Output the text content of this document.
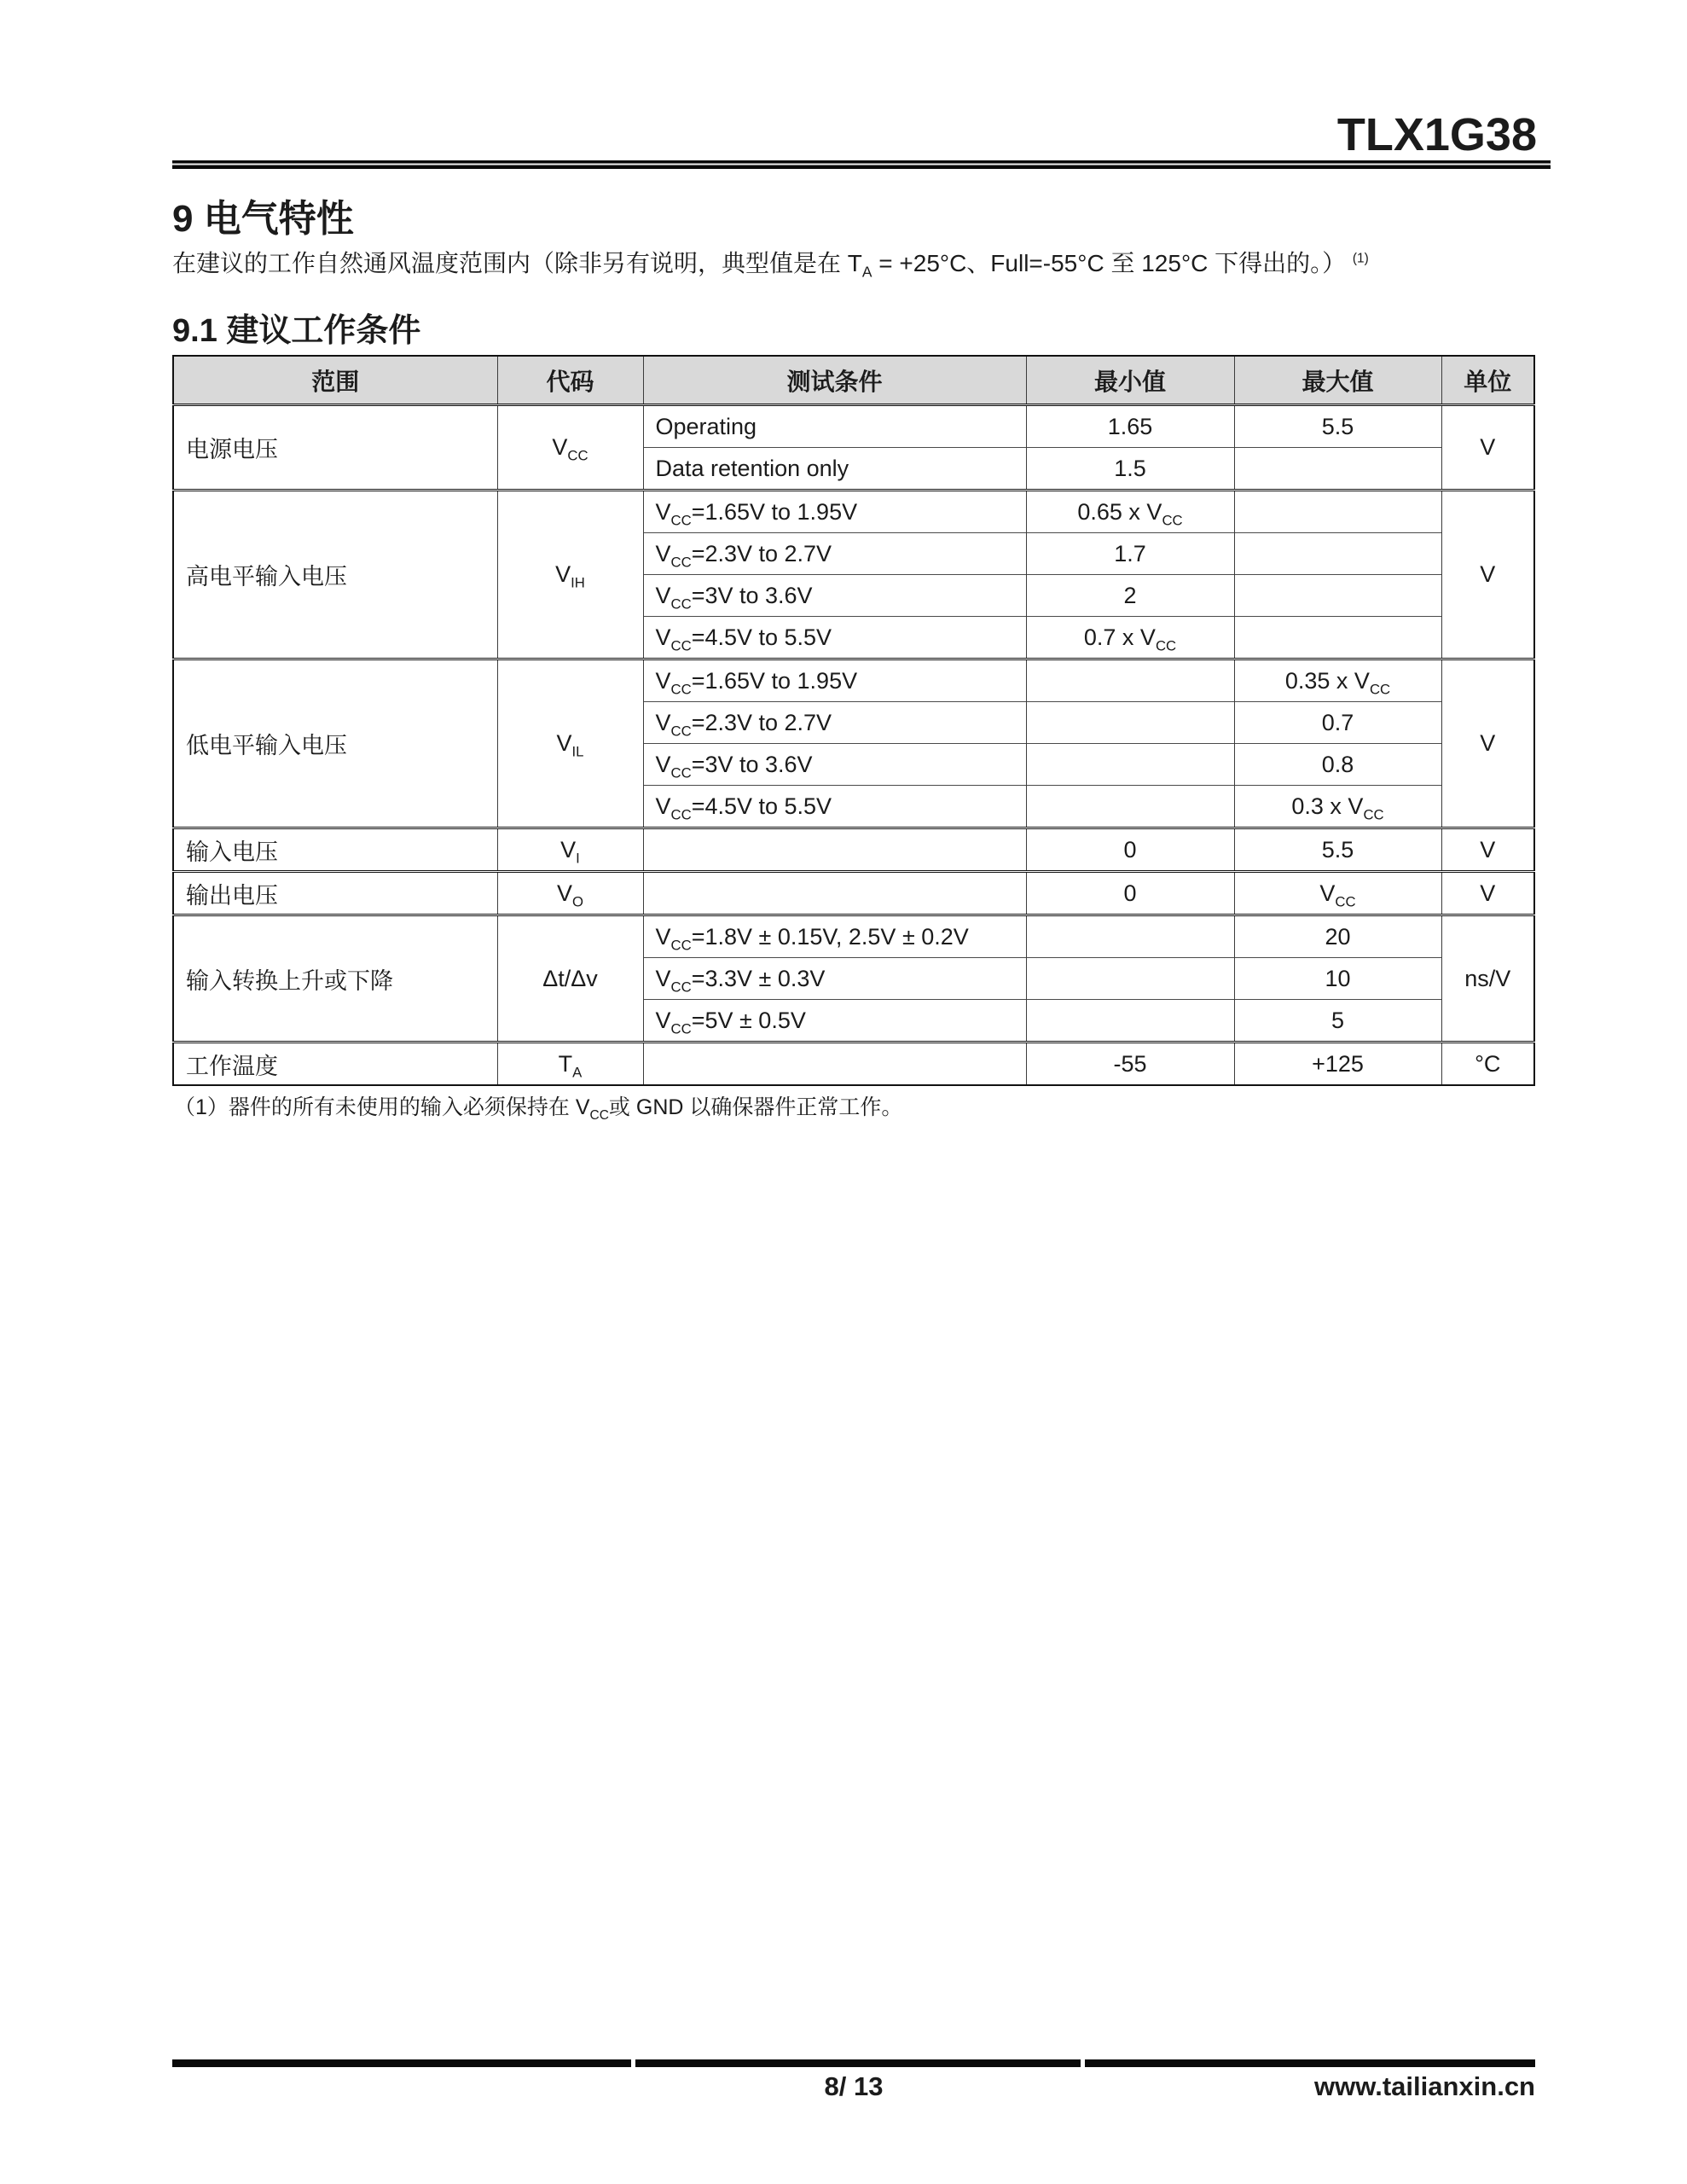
TLX1G38
9 电气特性

在建议的工作自然通风温度范围内（除非另有说明，典型值是在 $T_A = +25^\circ C$、Full=-55°C 至 125°C 下得出的。） $^{(1)}$

9.1 建议工作条件
范围	代码	测试条件	最小值	最大值	单位
电源电压	$V_{CC}$	Operating	1.65	5.5	V
		Data retention only	1.5		
高电平输入电压	$V_{IH}$	$V_{CC}=1.65V$ to 1.95V	0.65 x $V_{CC}$		V
		$V_{CC}=2.3V$ to 2.7V	1.7		
		$V_{CC}=3V$ to 3.6V	2		
		$V_{CC}=4.5V$ to 5.5V	0.7 x $V_{CC}$	
低电平输入电压	$V_{IL}$	$V_{CC}=1.65V$ to 1.95V		0.35 x $V_{CC}$	V
		$V_{CC}=2.3V$ to 2.7V		0.7	
		$V_{CC}=3V$ to 3.6V		0.8	
		$V_{CC}=4.5V$ to 5.5V		0.3 x $V_{CC}$
输入电压	$V_I$		0	5.5	V
输出电压	$V_O$		0	$V_{CC}$	V
输入转换上升或下降	Δt/Δv	$V_{CC}=1.8V \pm 0.15V$, 2.5V ± 0.2V		20	ns/V
		$V_{CC}=3.3V \pm 0.3V$		10	
		$V_{CC}=5V \pm 0.5V$		5	
工作温度	$T_A$		-55	+125	°C

（1）器件的所有未使用的输入必须保持在 $V_{CC}$或 GND 以确保器件正常工作。

8/ 13	www.tailianxin.cn
